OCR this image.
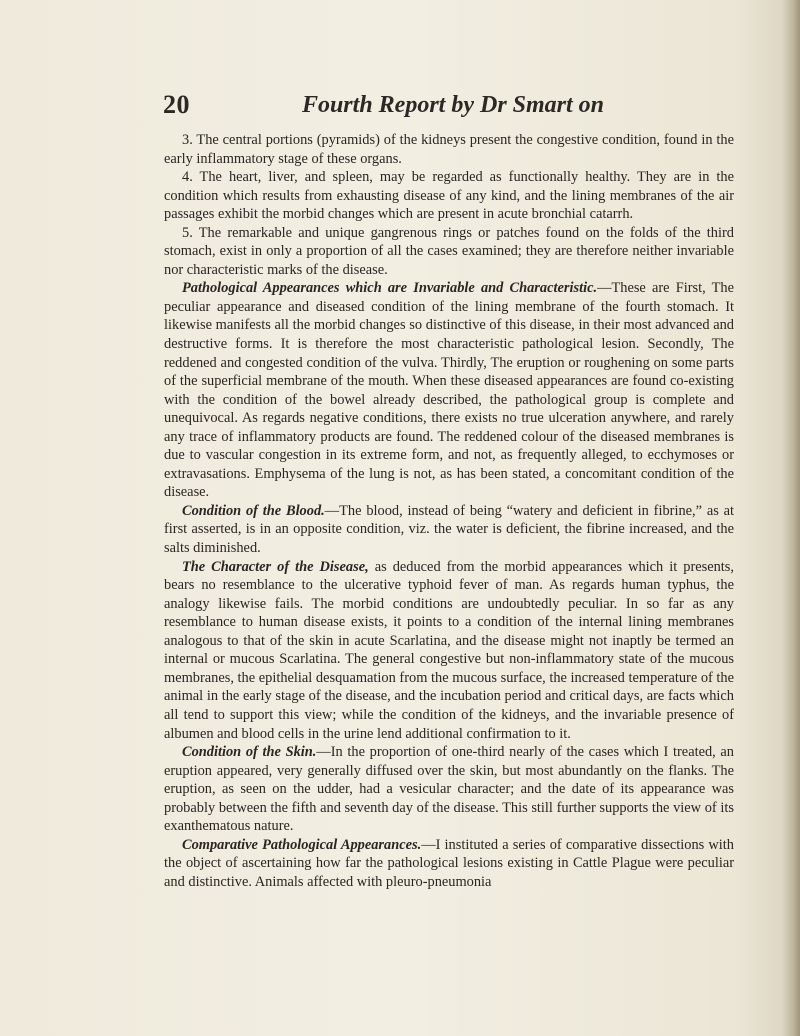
20	Fourth Report by Dr Smart on

3. The central portions (pyramids) of the kidneys present the congestive condition, found in the early inflammatory stage of these organs.

4. The heart, liver, and spleen, may be regarded as functionally healthy. They are in the condition which results from exhausting disease of any kind, and the lining membranes of the air passages exhibit the morbid changes which are present in acute bronchial catarrh.

5. The remarkable and unique gangrenous rings or patches found on the folds of the third stomach, exist in only a proportion of all the cases examined; they are therefore neither invariable nor characteristic marks of the disease.

Pathological Appearances which are Invariable and Characteristic.—These are First, The peculiar appearance and diseased condition of the lining membrane of the fourth stomach. It likewise manifests all the morbid changes so distinctive of this disease, in their most advanced and destructive forms. It is therefore the most characteristic pathological lesion. Secondly, The reddened and congested condition of the vulva. Thirdly, The eruption or roughening on some parts of the superficial membrane of the mouth. When these diseased appearances are found co-existing with the condition of the bowel already described, the pathological group is complete and unequivocal. As regards negative conditions, there exists no true ulceration anywhere, and rarely any trace of inflammatory products are found. The reddened colour of the diseased membranes is due to vascular congestion in its extreme form, and not, as frequently alleged, to ecchymoses or extravasations. Emphysema of the lung is not, as has been stated, a concomitant condition of the disease.

Condition of the Blood.—The blood, instead of being “watery and deficient in fibrine,” as at first asserted, is in an opposite condition, viz. the water is deficient, the fibrine increased, and the salts diminished.

The Character of the Disease, as deduced from the morbid appearances which it presents, bears no resemblance to the ulcerative typhoid fever of man. As regards human typhus, the analogy likewise fails. The morbid conditions are undoubtedly peculiar. In so far as any resemblance to human disease exists, it points to a condition of the internal lining membranes analogous to that of the skin in acute Scarlatina, and the disease might not inaptly be termed an internal or mucous Scarlatina. The general congestive but non-inflammatory state of the mucous membranes, the epithelial desquamation from the mucous surface, the increased temperature of the animal in the early stage of the disease, and the incubation period and critical days, are facts which all tend to support this view; while the condition of the kidneys, and the invariable presence of albumen and blood cells in the urine lend additional confirmation to it.

Condition of the Skin.—In the proportion of one-third nearly of the cases which I treated, an eruption appeared, very generally diffused over the skin, but most abundantly on the flanks. The eruption, as seen on the udder, had a vesicular character; and the date of its appearance was probably between the fifth and seventh day of the disease. This still further supports the view of its exanthematous nature.

Comparative Pathological Appearances.—I instituted a series of comparative dissections with the object of ascertaining how far the pathological lesions existing in Cattle Plague were peculiar and distinctive. Animals affected with pleuro-pneumonia
